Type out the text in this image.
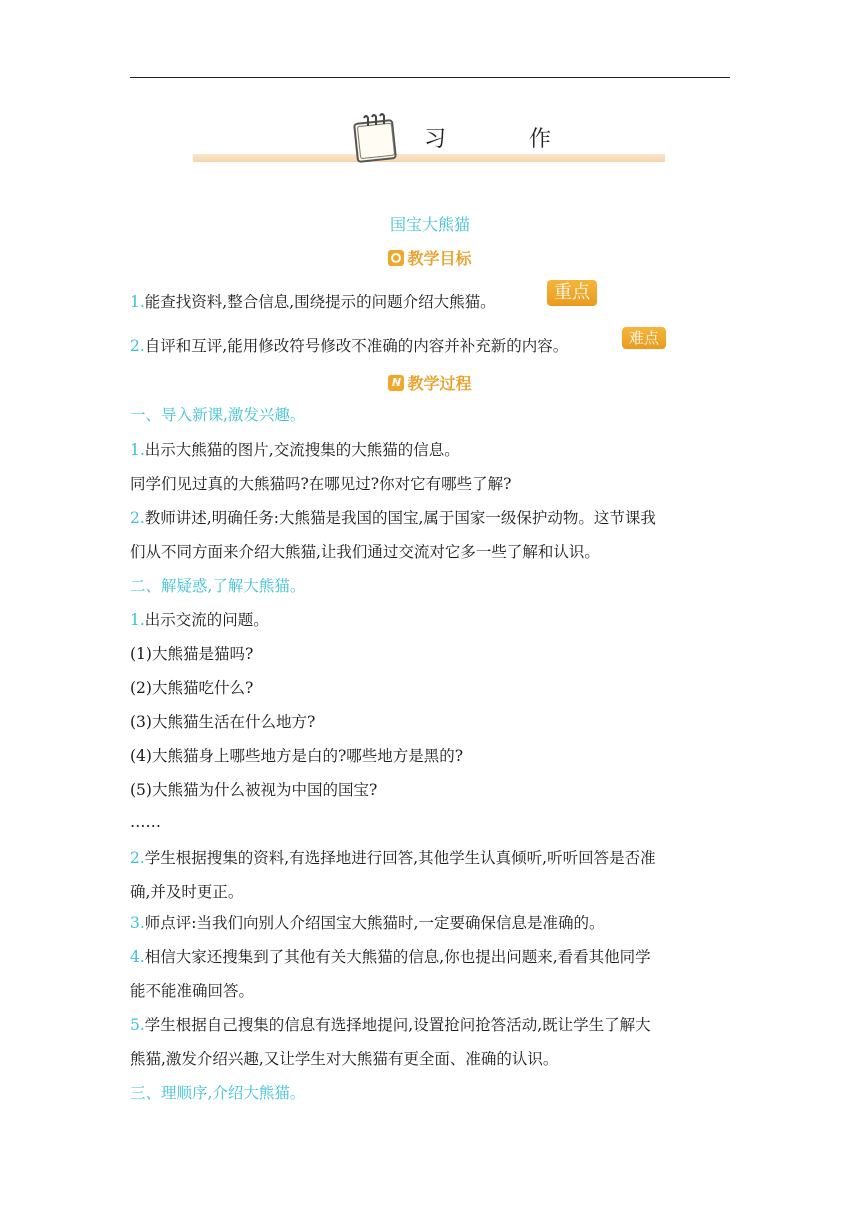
习 作
国宝大熊猫
教学目标
1.能查找资料,整合信息,围绕提示的问题介绍大熊猫。	重点
2.自评和互评,能用修改符号修改不准确的内容并补充新的内容。	难点
N教学过程
一、导入新课,激发兴趣。
1.出示大熊猫的图片,交流搜集的大熊猫的信息。
同学们见过真的大熊猫吗?在哪见过?你对它有哪些了解?
2.教师讲述,明确任务:大熊猫是我国的国宝,属于国家一级保护动物。这节课我
们从不同方面来介绍大熊猫,让我们通过交流对它多一些了解和认识。
二、解疑惑,了解大熊猫。
1.出示交流的问题。
(1)大熊猫是猫吗?
(2)大熊猫吃什么?
(3)大熊猫生活在什么地方?
(4)大熊猫身上哪些地方是白的?哪些地方是黑的?
(5)大熊猫为什么被视为中国的国宝?
……
2.学生根据搜集的资料,有选择地进行回答,其他学生认真倾听,听听回答是否准
确,并及时更正。
3.师点评:当我们向别人介绍国宝大熊猫时,一定要确保信息是准确的。
4.相信大家还搜集到了其他有关大熊猫的信息,你也提出问题来,看看其他同学
能不能准确回答。
5.学生根据自己搜集的信息有选择地提问,设置抢问抢答活动,既让学生了解大
熊猫,激发介绍兴趣,又让学生对大熊猫有更全面、准确的认识。
三、理顺序,介绍大熊猫。
